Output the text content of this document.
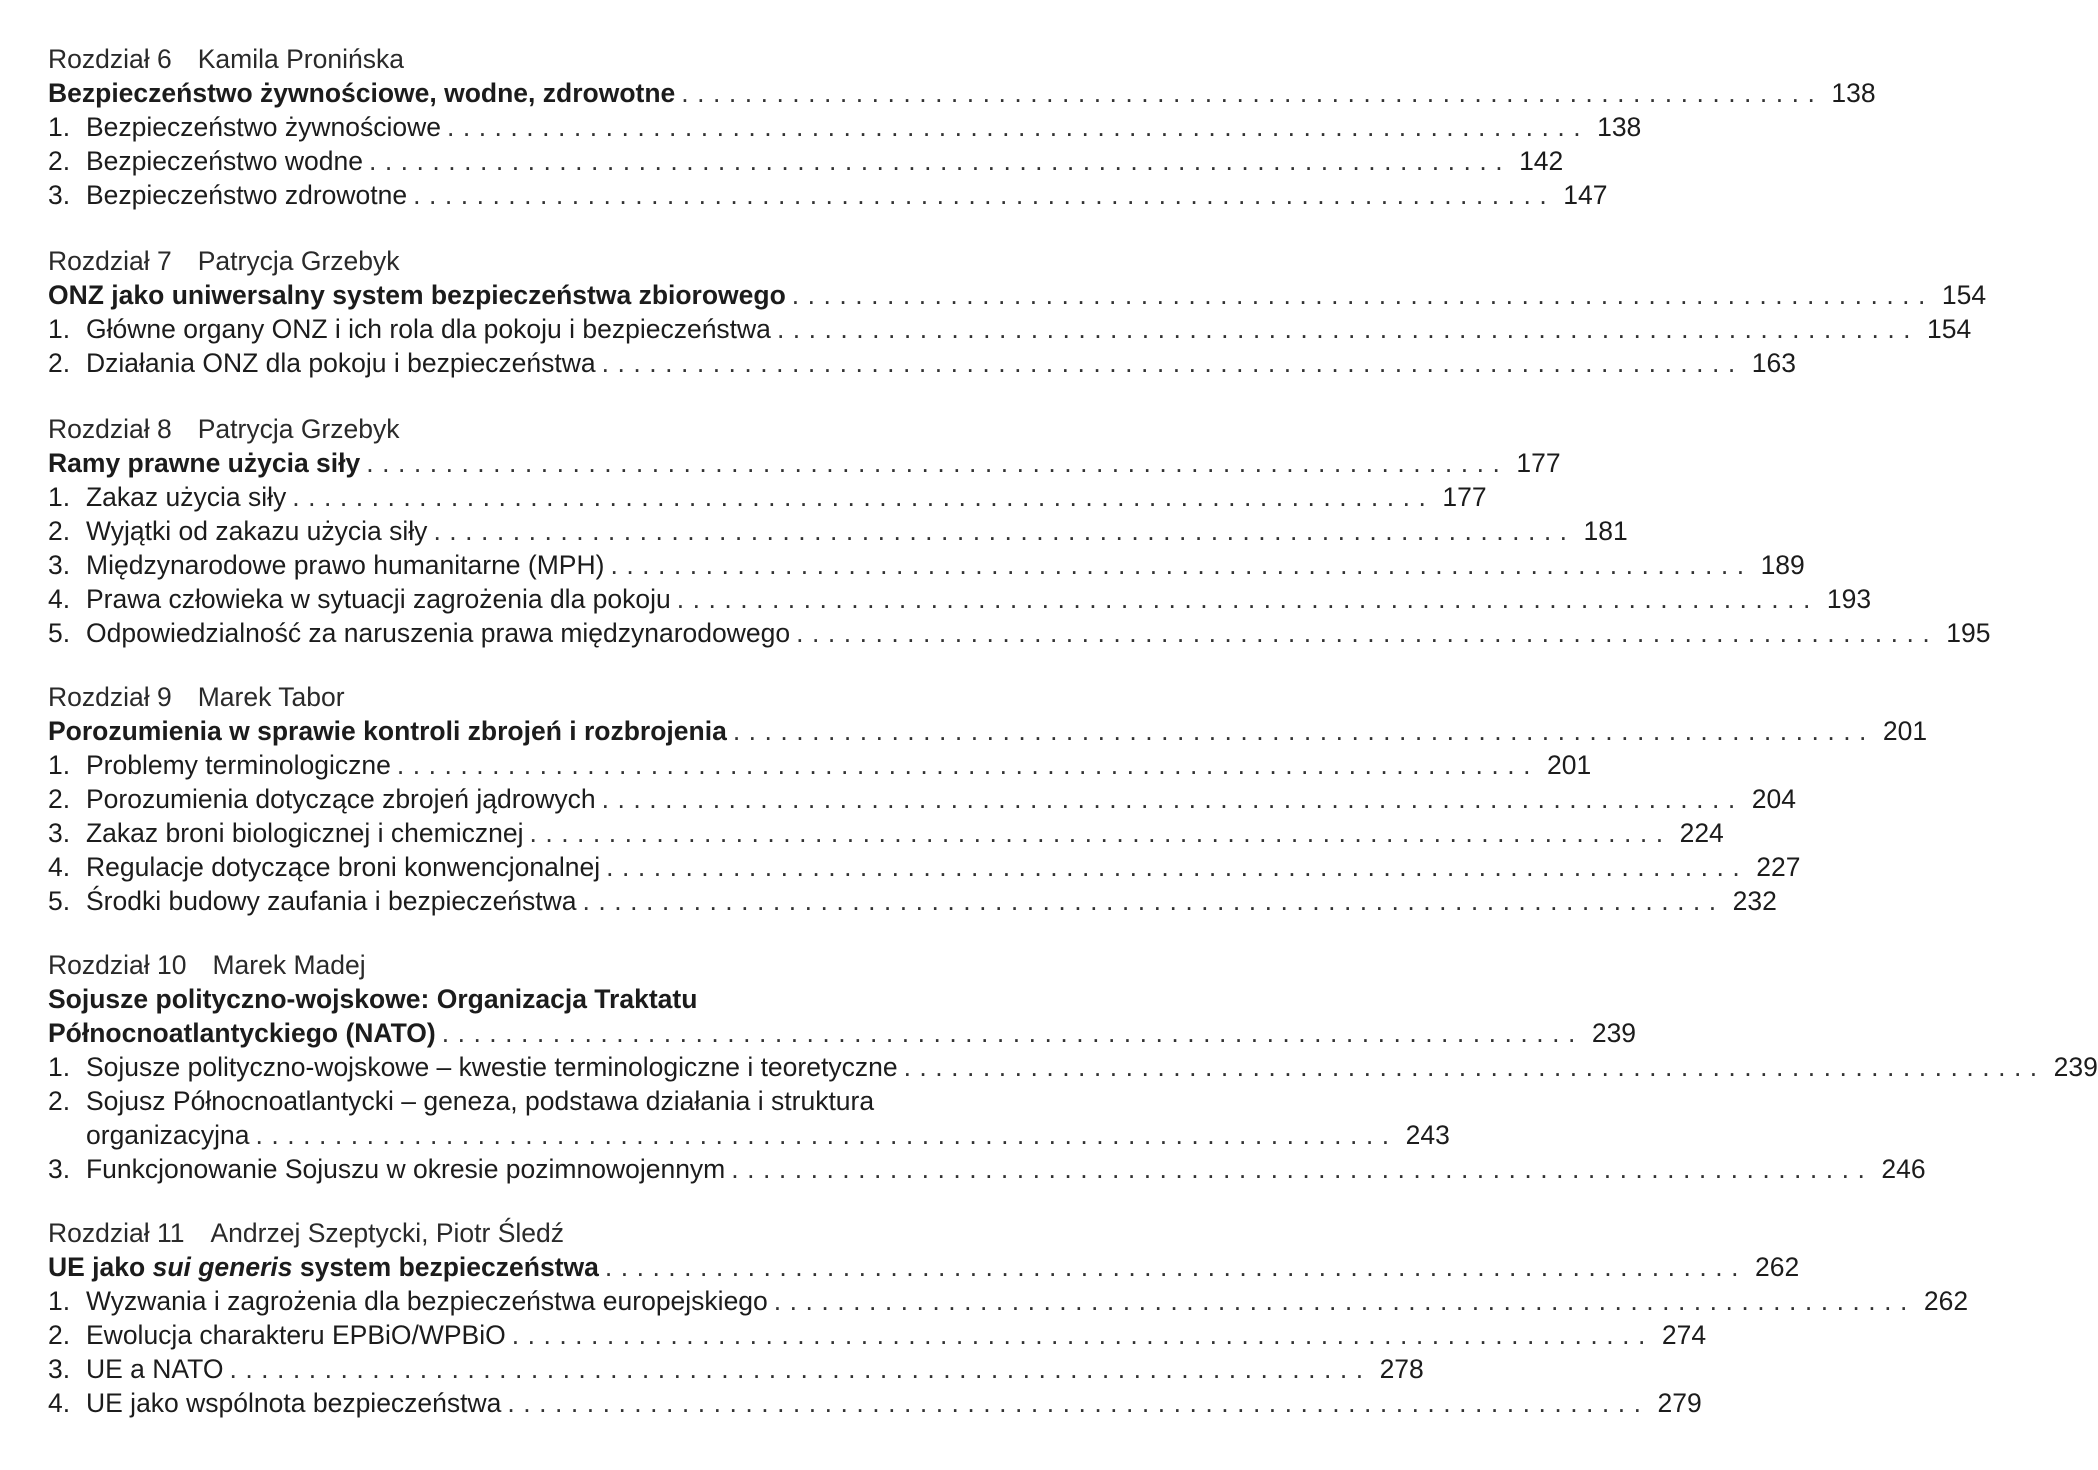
Rozdział 6 Kamila Pronińska
Bezpieczeństwo żywnościowe, wodne, zdrowotne ........................................................................ 138
1. Bezpieczeństwo żywnościowe ........................................................................ 138
2. Bezpieczeństwo wodne ........................................................................ 142
3. Bezpieczeństwo zdrowotne ........................................................................ 147
Rozdział 7 Patrycja Grzebyk
ONZ jako uniwersalny system bezpieczeństwa zbiorowego ........................................................................ 154
1. Główne organy ONZ i ich rola dla pokoju i bezpieczeństwa ........................................................................ 154
2. Działania ONZ dla pokoju i bezpieczeństwa ........................................................................ 163
Rozdział 8 Patrycja Grzebyk
Ramy prawne użycia siły ........................................................................ 177
1. Zakaz użycia siły ........................................................................ 177
2. Wyjątki od zakazu użycia siły ........................................................................ 181
3. Międzynarodowe prawo humanitarne (MPH) ........................................................................ 189
4. Prawa człowieka w sytuacji zagrożenia dla pokoju ........................................................................ 193
5. Odpowiedzialność za naruszenia prawa międzynarodowego ........................................................................ 195
Rozdział 9 Marek Tabor
Porozumienia w sprawie kontroli zbrojeń i rozbrojenia ........................................................................ 201
1. Problemy terminologiczne ........................................................................ 201
2. Porozumienia dotyczące zbrojeń jądrowych ........................................................................ 204
3. Zakaz broni biologicznej i chemicznej ........................................................................ 224
4. Regulacje dotyczące broni konwencjonalnej ........................................................................ 227
5. Środki budowy zaufania i bezpieczeństwa ........................................................................ 232
Rozdział 10 Marek Madej
Sojusze polityczno-wojskowe: Organizacja Traktatu
Północnoatlantyckiego (NATO) ........................................................................ 239
1. Sojusze polityczno-wojskowe – kwestie terminologiczne i teoretyczne ........................................................................ 239
2. Sojusz Północnoatlantycki – geneza, podstawa działania i struktura
organizacyjna ........................................................................ 243
3. Funkcjonowanie Sojuszu w okresie pozimnowojennym ........................................................................ 246
Rozdział 11 Andrzej Szeptycki, Piotr Śledź
UE jako sui generis system bezpieczeństwa ........................................................................ 262
1. Wyzwania i zagrożenia dla bezpieczeństwa europejskiego ........................................................................ 262
2. Ewolucja charakteru EPBiO/WPBiO ........................................................................ 274
3. UE a NATO ........................................................................ 278
4. UE jako wspólnota bezpieczeństwa ........................................................................ 279
